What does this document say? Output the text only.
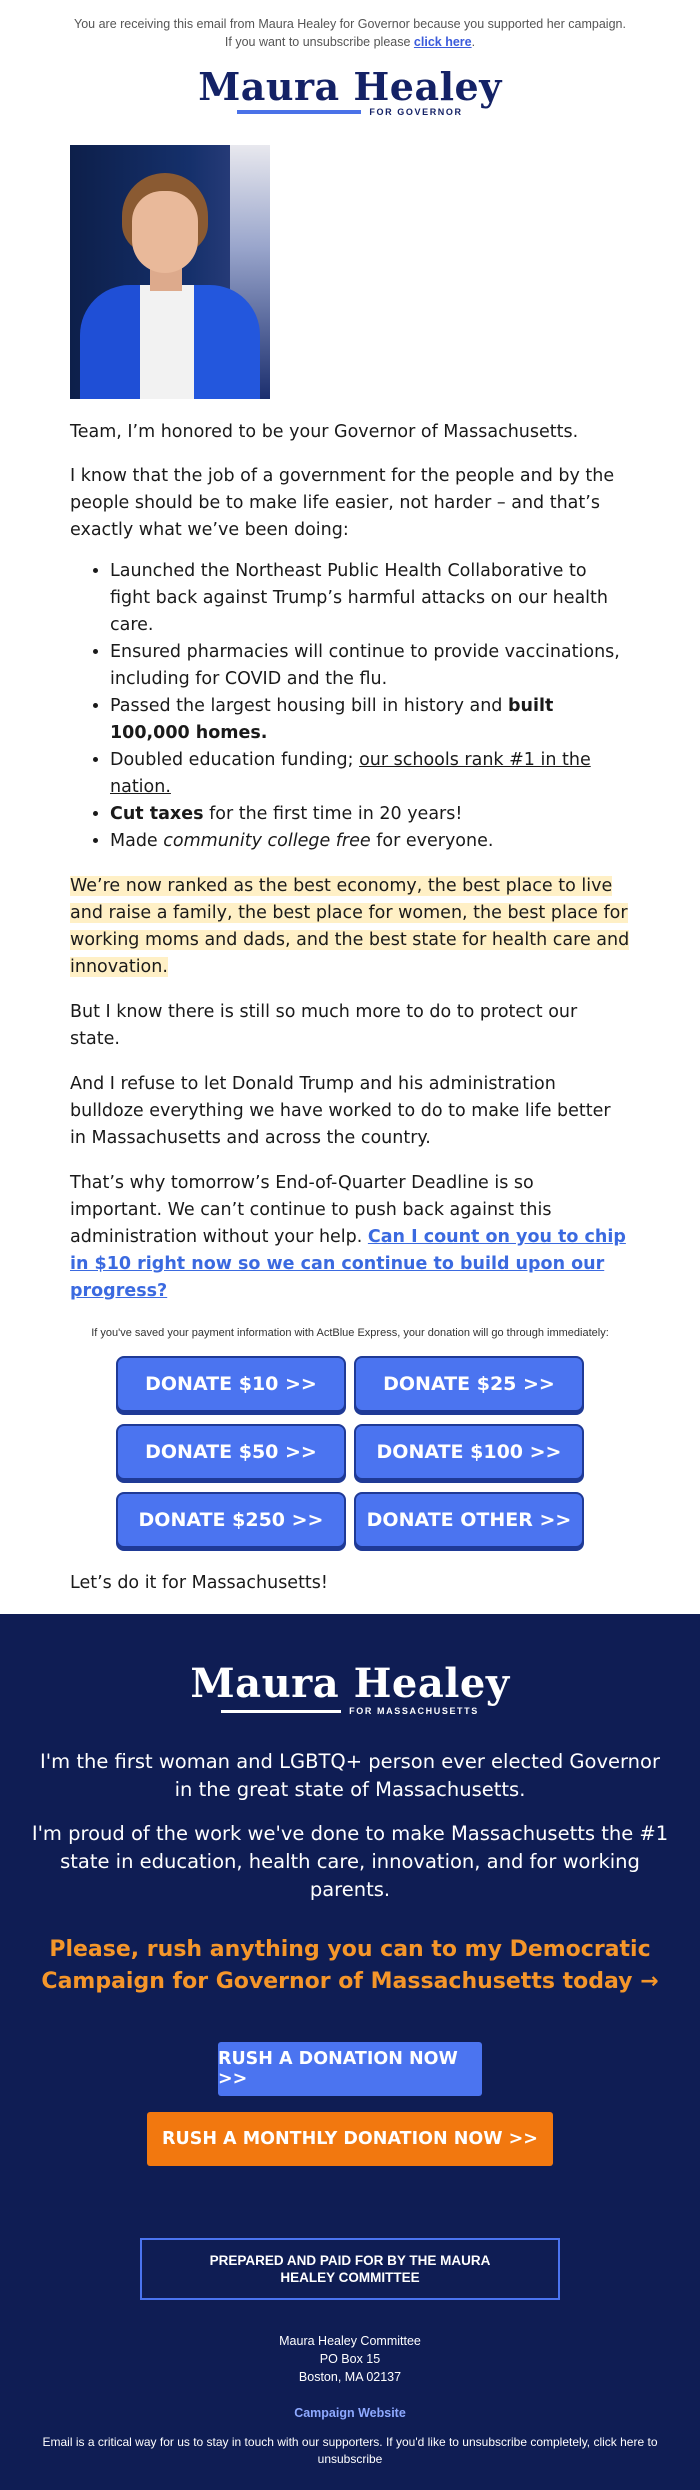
You are receiving this email from Maura Healey for Governor because you supported her campaign. If you want to unsubscribe please click here.
Maura Healey
FOR GOVERNOR

Team, I’m honored to be your Governor of Massachusetts.

I know that the job of a government for the people and by the people should be to make life easier, not harder – and that’s exactly what we’ve been doing:

• Launched the Northeast Public Health Collaborative to fight back against Trump’s harmful attacks on our health care.
• Ensured pharmacies will continue to provide vaccinations, including for COVID and the flu.
• Passed the largest housing bill in history and built 100,000 homes.
• Doubled education funding; our schools rank #1 in the nation.
• Cut taxes for the first time in 20 years!
• Made community college free for everyone.
We’re now ranked as the best economy, the best place to live and raise a family, the best place for women, the best place for working moms and dads, and the best state for health care and innovation.

But I know there is still so much more to do to protect our state.

And I refuse to let Donald Trump and his administration bulldoze everything we have worked to do to make life better in Massachusetts and across the country.

That’s why tomorrow’s End-of-Quarter Deadline is so important. We can’t continue to push back against this administration without your help. Can I count on you to chip in $10 right now so we can continue to build upon our progress?

If you've saved your payment information with ActBlue Express, your donation will go through immediately:
DONATE $10 >>	DONATE $25 >>
DONATE $50 >>	DONATE $100 >>
DONATE $250 >>	DONATE OTHER >>

Let’s do it for Massachusetts!

Maura Healey
FOR MASSACHUSETTS
I'm the first woman and LGBTQ+ person ever elected Governor in the great state of Massachusetts.
I'm proud of the work we've done to make Massachusetts the #1 state in education, health care, innovation, and for working parents.
Please, rush anything you can to my Democratic Campaign for Governor of Massachusetts today →
RUSH A DONATION NOW >>
RUSH A MONTHLY DONATION NOW >>
PREPARED AND PAID FOR BY THE MAURA HEALEY COMMITTEE
Maura Healey Committee
PO Box 15
Boston, MA 02137
Campaign Website
Email is a critical way for us to stay in touch with our supporters. If you'd like to unsubscribe completely, click here to unsubscribe
